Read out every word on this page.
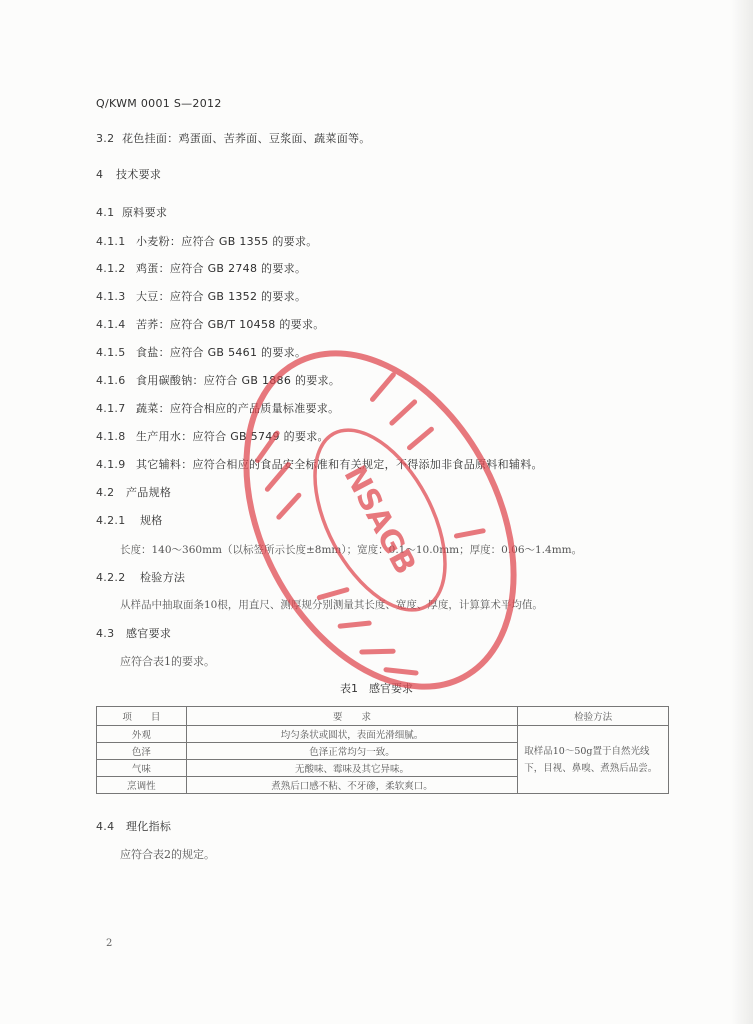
Q/KWM 0001 S—2012
3.2 花色挂面：鸡蛋面、苦荞面、豆浆面、蔬菜面等。
4 技术要求
4.1 原料要求
4.1.1 小麦粉：应符合 GB 1355 的要求。
4.1.2 鸡蛋：应符合 GB 2748 的要求。
4.1.3 大豆：应符合 GB 1352 的要求。
4.1.4 苦荞：应符合 GB/T 10458 的要求。
4.1.5 食盐：应符合 GB 5461 的要求。
4.1.6 食用碳酸钠：应符合 GB 1886 的要求。
4.1.7 蔬菜：应符合相应的产品质量标准要求。
4.1.8 生产用水：应符合 GB 5749 的要求。
4.1.9 其它辅料：应符合相应的食品安全标准和有关规定，不得添加非食品原料和辅料。
4.2 产品规格
4.2.1 规格
长度：140～360mm（以标签所示长度±8mm）；宽度：0.1～10.0mm；厚度：0.06～1.4mm。
4.2.2 检验方法
从样品中抽取面条10根，用直尺、测厚规分别测量其长度、宽度、厚度，计算算术平均值。
4.3 感官要求
应符合表1的要求。
表1　感官要求
项　　目	要　　求	检验方法
外观	均匀条状或圆状，表面光滑细腻。	取样品10～50g置于自然光线下，目视、鼻嗅、煮熟后品尝。
色泽	色泽正常均匀一致。	
气味	无酸味、霉味及其它异味。	
烹调性	煮熟后口感不粘、不牙碜，柔软爽口。	
4.4 理化指标
应符合表2的规定。
2
NSAGB
